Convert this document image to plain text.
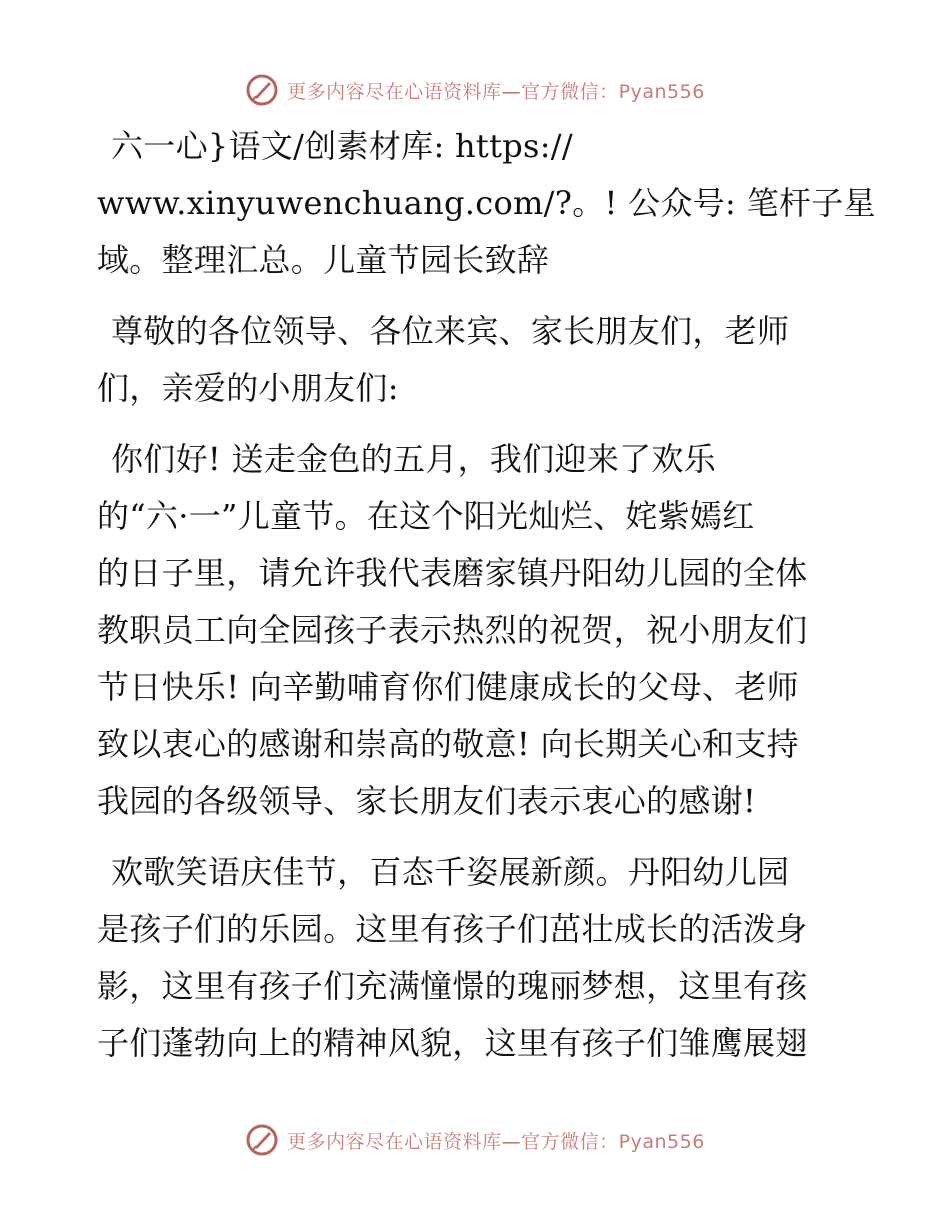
更多内容尽在心语资料库—官方微信：Pyan556

六一心}语文/创素材库: https://
www.xinyuwenchuang.com/?。! 公众号: 笔杆子星
域。整理汇总。儿童节园长致辞

尊敬的各位领导、各位来宾、家长朋友们，老师
们，亲爱的小朋友们:

你们好! 送走金色的五月，我们迎来了欢乐
的“六·一”儿童节。在这个阳光灿烂、姹紫嫣红
的日子里，请允许我代表磨家镇丹阳幼儿园的全体
教职员工向全园孩子表示热烈的祝贺，祝小朋友们
节日快乐! 向辛勤哺育你们健康成长的父母、老师
致以衷心的感谢和崇高的敬意! 向长期关心和支持
我园的各级领导、家长朋友们表示衷心的感谢!

欢歌笑语庆佳节，百态千姿展新颜。丹阳幼儿园
是孩子们的乐园。这里有孩子们茁壮成长的活泼身
影，这里有孩子们充满憧憬的瑰丽梦想，这里有孩
子们蓬勃向上的精神风貌，这里有孩子们雏鹰展翅

更多内容尽在心语资料库—官方微信：Pyan556
